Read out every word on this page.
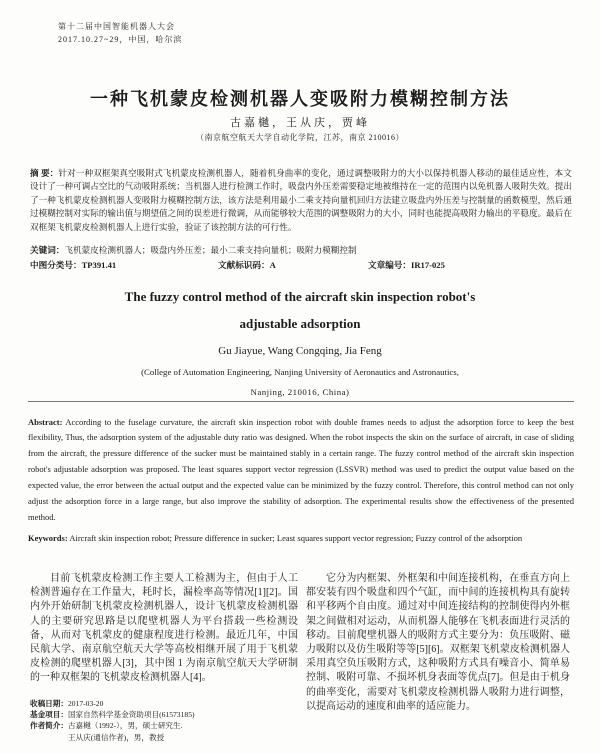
第十二届中国智能机器人大会
2017.10.27~29，中国，哈尔滨
一种飞机蒙皮检测机器人变吸附力模糊控制方法
古嘉樾，王从庆，贾峰
（南京航空航天大学自动化学院，江苏，南京 210016）

摘 要：针对一种双框架真空吸附式飞机蒙皮检测机器人，随着机身曲率的变化，通过调整吸附力的大小以保持机器人移动的最佳适应性，本文设计了一种可调占空比的气动吸附系统；当机器人进行检测工作时，吸盘内外压差需要稳定地被维持在一定的范围内以免机器人吸附失效。提出了一种飞机蒙皮检测机器人变吸附力模糊控制方法，该方法是利用最小二乘支持向量机回归方法建立吸盘内外压差与控制量的函数模型，然后通过模糊控制对实际的输出值与期望值之间的误差进行微调，从而能够较大范围的调整吸附力的大小，同时也能提高吸附力输出的平稳度。最后在双框架飞机蒙皮检测机器人上进行实验，验证了该控制方法的可行性。

关键词：飞机蒙皮检测机器人；吸盘内外压差；最小二乘支持向量机；吸附力模糊控制
中图分类号：TP391.41	文献标识码：A	文章编号：IR17-025
The fuzzy control method of the aircraft skin inspection robot's
adjustable adsorption
Gu Jiayue, Wang Congqing, Jia Feng
(College of Automation Engineering, Nanjing University of Aeronautics and Astronautics,
Nanjing, 210016, China)

Abstract: According to the fuselage curvature, the aircraft skin inspection robot with double frames needs to adjust the adsorption force to keep the best flexibility, Thus, the adsorption system of the adjustable duty ratio was designed. When the robot inspects the skin on the surface of aircraft, in case of sliding from the aircraft, the pressure difference of the sucker must be maintained stably in a certain range. The fuzzy control method of the aircraft skin inspection robot's adjustable adsorption was proposed. The least squares support vector regression (LSSVR) method was used to predict the output value based on the expected value, the error between the actual output and the expected value can be minimized by the fuzzy control. Therefore, this control method can not only adjust the adsorption force in a large range, but also improve the stability of adsorption. The experimental results show the effectiveness of the presented method.

Keywords: Aircraft skin inspection robot; Pressure difference in sucker; Least squares support vector regression; Fuzzy control of the adsorption

目前飞机蒙皮检测工作主要人工检测为主，但由于人工检测普遍存在工作量大，耗时长，漏检率高等情况[1][2]。国内外开始研制飞机蒙皮检测机器人，设计飞机蒙皮检测机器人的主要研究思路是以爬壁机器人为平台搭载一些检测设备，从而对飞机蒙皮的健康程度进行检测。最近几年，中国民航大学、南京航空航天大学等高校相继开展了用于飞机蒙皮检测的爬壁机器人[3]，其中图 1 为南京航空航天大学研制的一种双框架的飞机蒙皮检测机器人[4]。

它分为内框架、外框架和中间连接机构，在垂直方向上都安装有四个吸盘和四个气缸，而中间的连接机构具有旋转和平移两个自由度。通过对中间连接结构的控制使得内外框架之间做相对运动，从而机器人能够在飞机表面进行灵活的移动。目前爬壁机器人的吸附方式主要分为：负压吸附、磁力吸附以及仿生吸附等等[5][6]。双框架飞机蒙皮检测机器人采用真空负压吸附方式，这种吸附方式具有噪音小、简单易控制、吸附可靠、不损坏机身表面等优点[7]。但是由于机身的曲率变化，需要对飞机蒙皮检测机器人吸附力进行调整，以提高运动的速度和曲率的适应能力。

收稿日期：2017-03-20
基金项目：国家自然科学基金资助项目(61573185)
作者简介：古嘉樾（1992-），男，硕士研究生.
王从庆(通信作者)，男，教授
